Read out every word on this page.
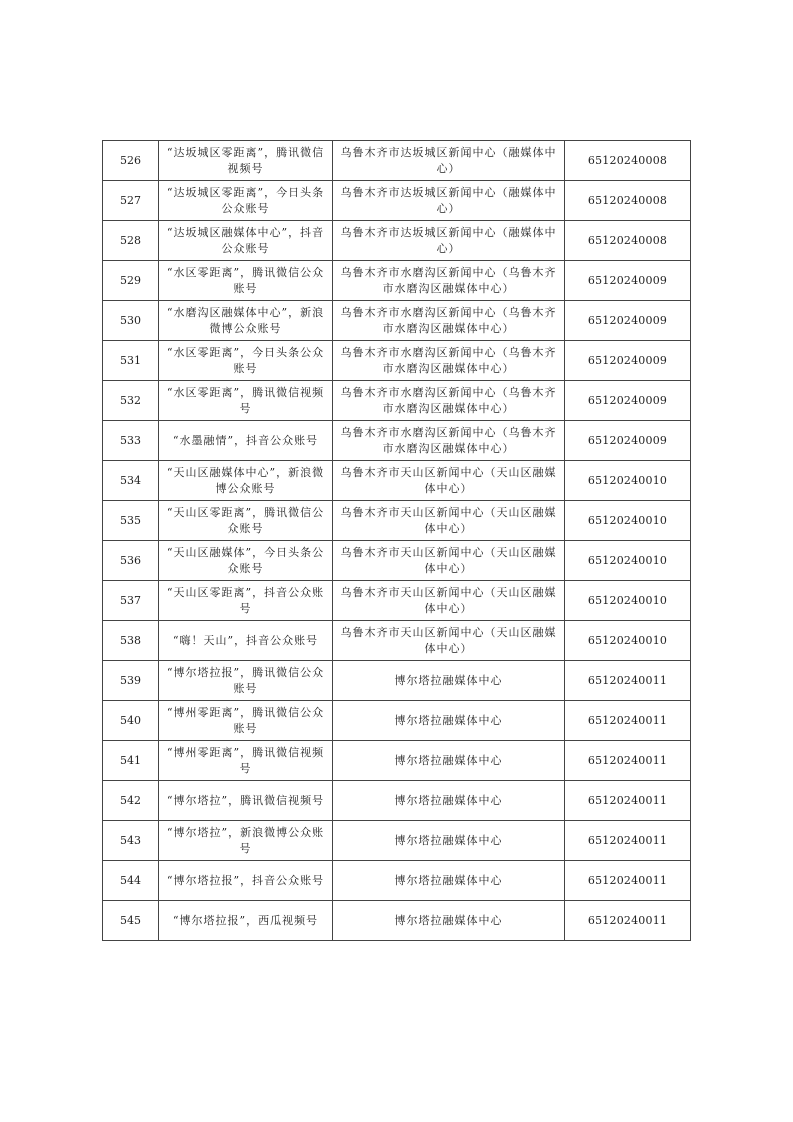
526	“达坂城区零距离”，腾讯微信视频号	乌鲁木齐市达坂城区新闻中心（融媒体中心）	65120240008
527	“达坂城区零距离”，今日头条公众账号	乌鲁木齐市达坂城区新闻中心（融媒体中心）	65120240008
528	“达坂城区融媒体中心”，抖音公众账号	乌鲁木齐市达坂城区新闻中心（融媒体中心）	65120240008
529	“水区零距离”，腾讯微信公众账号	乌鲁木齐市水磨沟区新闻中心（乌鲁木齐市水磨沟区融媒体中心）	65120240009
530	“水磨沟区融媒体中心”，新浪微博公众账号	乌鲁木齐市水磨沟区新闻中心（乌鲁木齐市水磨沟区融媒体中心）	65120240009
531	“水区零距离”，今日头条公众账号	乌鲁木齐市水磨沟区新闻中心（乌鲁木齐市水磨沟区融媒体中心）	65120240009
532	“水区零距离”，腾讯微信视频号	乌鲁木齐市水磨沟区新闻中心（乌鲁木齐市水磨沟区融媒体中心）	65120240009
533	“水墨融情”，抖音公众账号	乌鲁木齐市水磨沟区新闻中心（乌鲁木齐市水磨沟区融媒体中心）	65120240009
534	“天山区融媒体中心”，新浪微博公众账号	乌鲁木齐市天山区新闻中心（天山区融媒体中心）	65120240010
535	“天山区零距离”，腾讯微信公众账号	乌鲁木齐市天山区新闻中心（天山区融媒体中心）	65120240010
536	“天山区融媒体”，今日头条公众账号	乌鲁木齐市天山区新闻中心（天山区融媒体中心）	65120240010
537	“天山区零距离”，抖音公众账号	乌鲁木齐市天山区新闻中心（天山区融媒体中心）	65120240010
538	“嗨！天山”，抖音公众账号	乌鲁木齐市天山区新闻中心（天山区融媒体中心）	65120240010
539	“博尔塔拉报”，腾讯微信公众账号	博尔塔拉融媒体中心	65120240011
540	“博州零距离”，腾讯微信公众账号	博尔塔拉融媒体中心	65120240011
541	“博州零距离”，腾讯微信视频号	博尔塔拉融媒体中心	65120240011
542	“博尔塔拉”，腾讯微信视频号	博尔塔拉融媒体中心	65120240011
543	“博尔塔拉”，新浪微博公众账号	博尔塔拉融媒体中心	65120240011
544	“博尔塔拉报”，抖音公众账号	博尔塔拉融媒体中心	65120240011
545	“博尔塔拉报”，西瓜视频号	博尔塔拉融媒体中心	65120240011
